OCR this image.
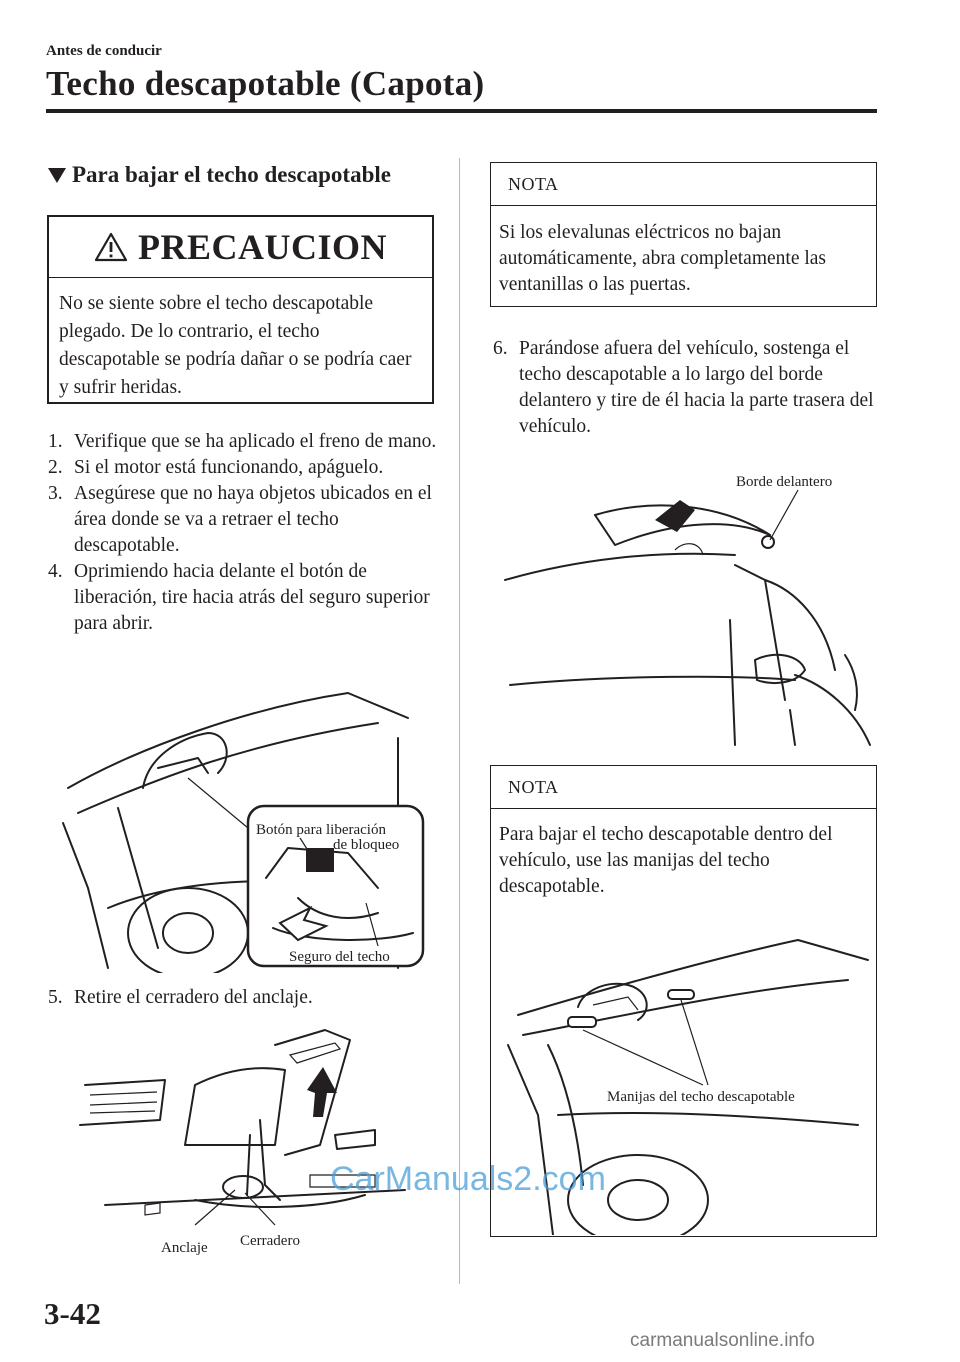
Antes de conducir
Techo descapotable (Capota)
Para bajar el techo descapotable
PRECAUCION
No se siente sobre el techo descapotable plegado. De lo contrario, el techo descapotable se podría dañar o se podría caer y sufrir heridas.
1. Verifique que se ha aplicado el freno de mano.
2. Si el motor está funcionando, apáguelo.
3. Asegúrese que no haya objetos ubicados en el área donde se va a retraer el techo descapotable.
4. Oprimiendo hacia delante el botón de liberación, tire hacia atrás del seguro superior para abrir.
Botón para liberación
de bloqueo
Seguro del techo
5. Retire el cerradero del anclaje.
Anclaje Cerradero
NOTA
Si los elevalunas eléctricos no bajan automáticamente, abra completamente las ventanillas o las puertas.
6. Parándose afuera del vehículo, sostenga el techo descapotable a lo largo del borde delantero y tire de él hacia la parte trasera del vehículo.
Borde delantero
NOTA
Para bajar el techo descapotable dentro del vehículo, use las manijas del techo descapotable.
Manijas del techo descapotable
3-42
CarManuals2.com
carmanualsonline.info
